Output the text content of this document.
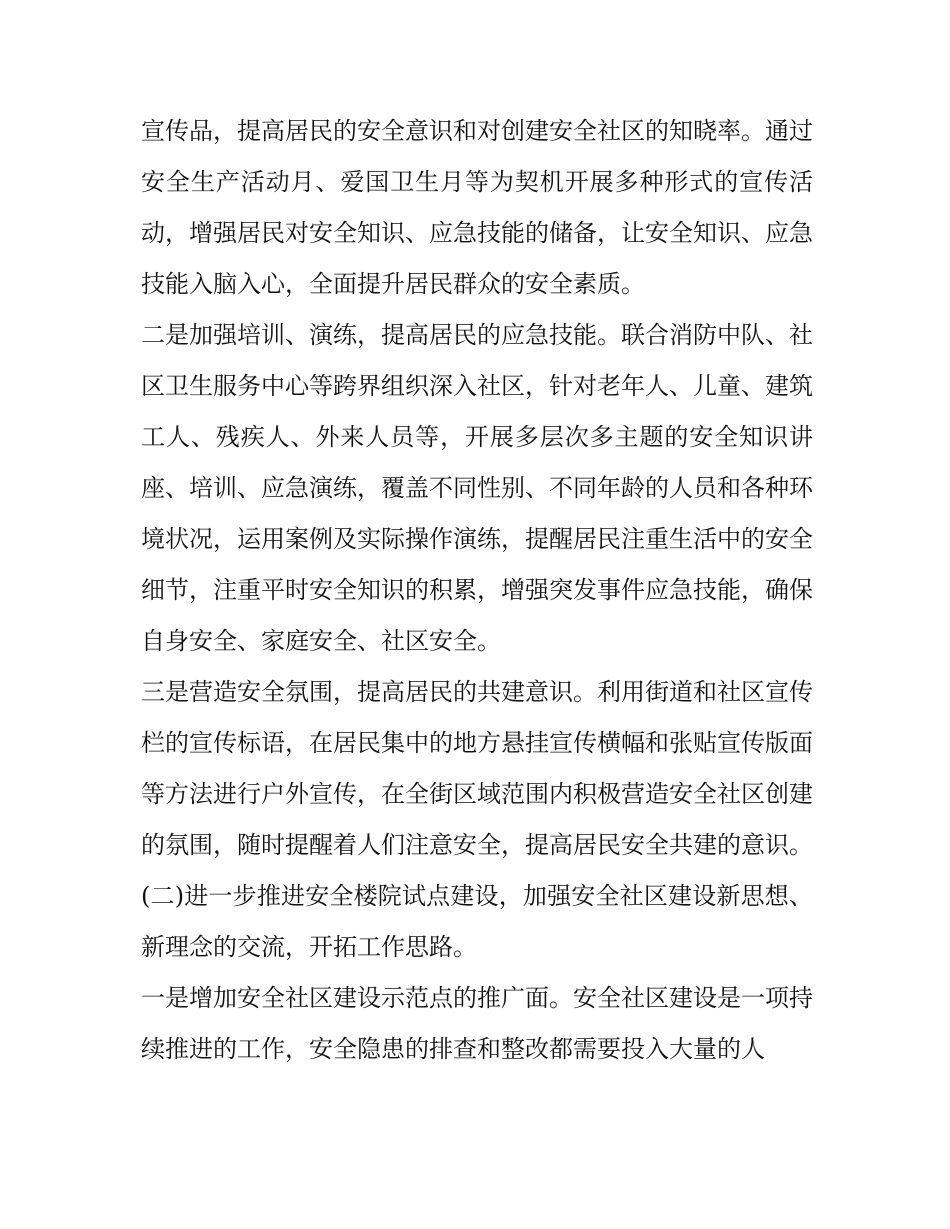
宣传品，提高居民的安全意识和对创建安全社区的知晓率。通过安全生产活动月、爱国卫生月等为契机开展多种形式的宣传活动，增强居民对安全知识、应急技能的储备，让安全知识、应急技能入脑入心，全面提升居民群众的安全素质。

二是加强培训、演练，提高居民的应急技能。联合消防中队、社区卫生服务中心等跨界组织深入社区，针对老年人、儿童、建筑工人、残疾人、外来人员等，开展多层次多主题的安全知识讲座、培训、应急演练，覆盖不同性别、不同年龄的人员和各种环境状况，运用案例及实际操作演练，提醒居民注重生活中的安全细节，注重平时安全知识的积累，增强突发事件应急技能，确保自身安全、家庭安全、社区安全。

三是营造安全氛围，提高居民的共建意识。利用街道和社区宣传栏的宣传标语，在居民集中的地方悬挂宣传横幅和张贴宣传版面等方法进行户外宣传，在全街区域范围内积极营造安全社区创建的氛围，随时提醒着人们注意安全，提高居民安全共建的意识。

(二)进一步推进安全楼院试点建设，加强安全社区建设新思想、新理念的交流，开拓工作思路。

一是增加安全社区建设示范点的推广面。安全社区建设是一项持续推进的工作，安全隐患的排查和整改都需要投入大量的人
